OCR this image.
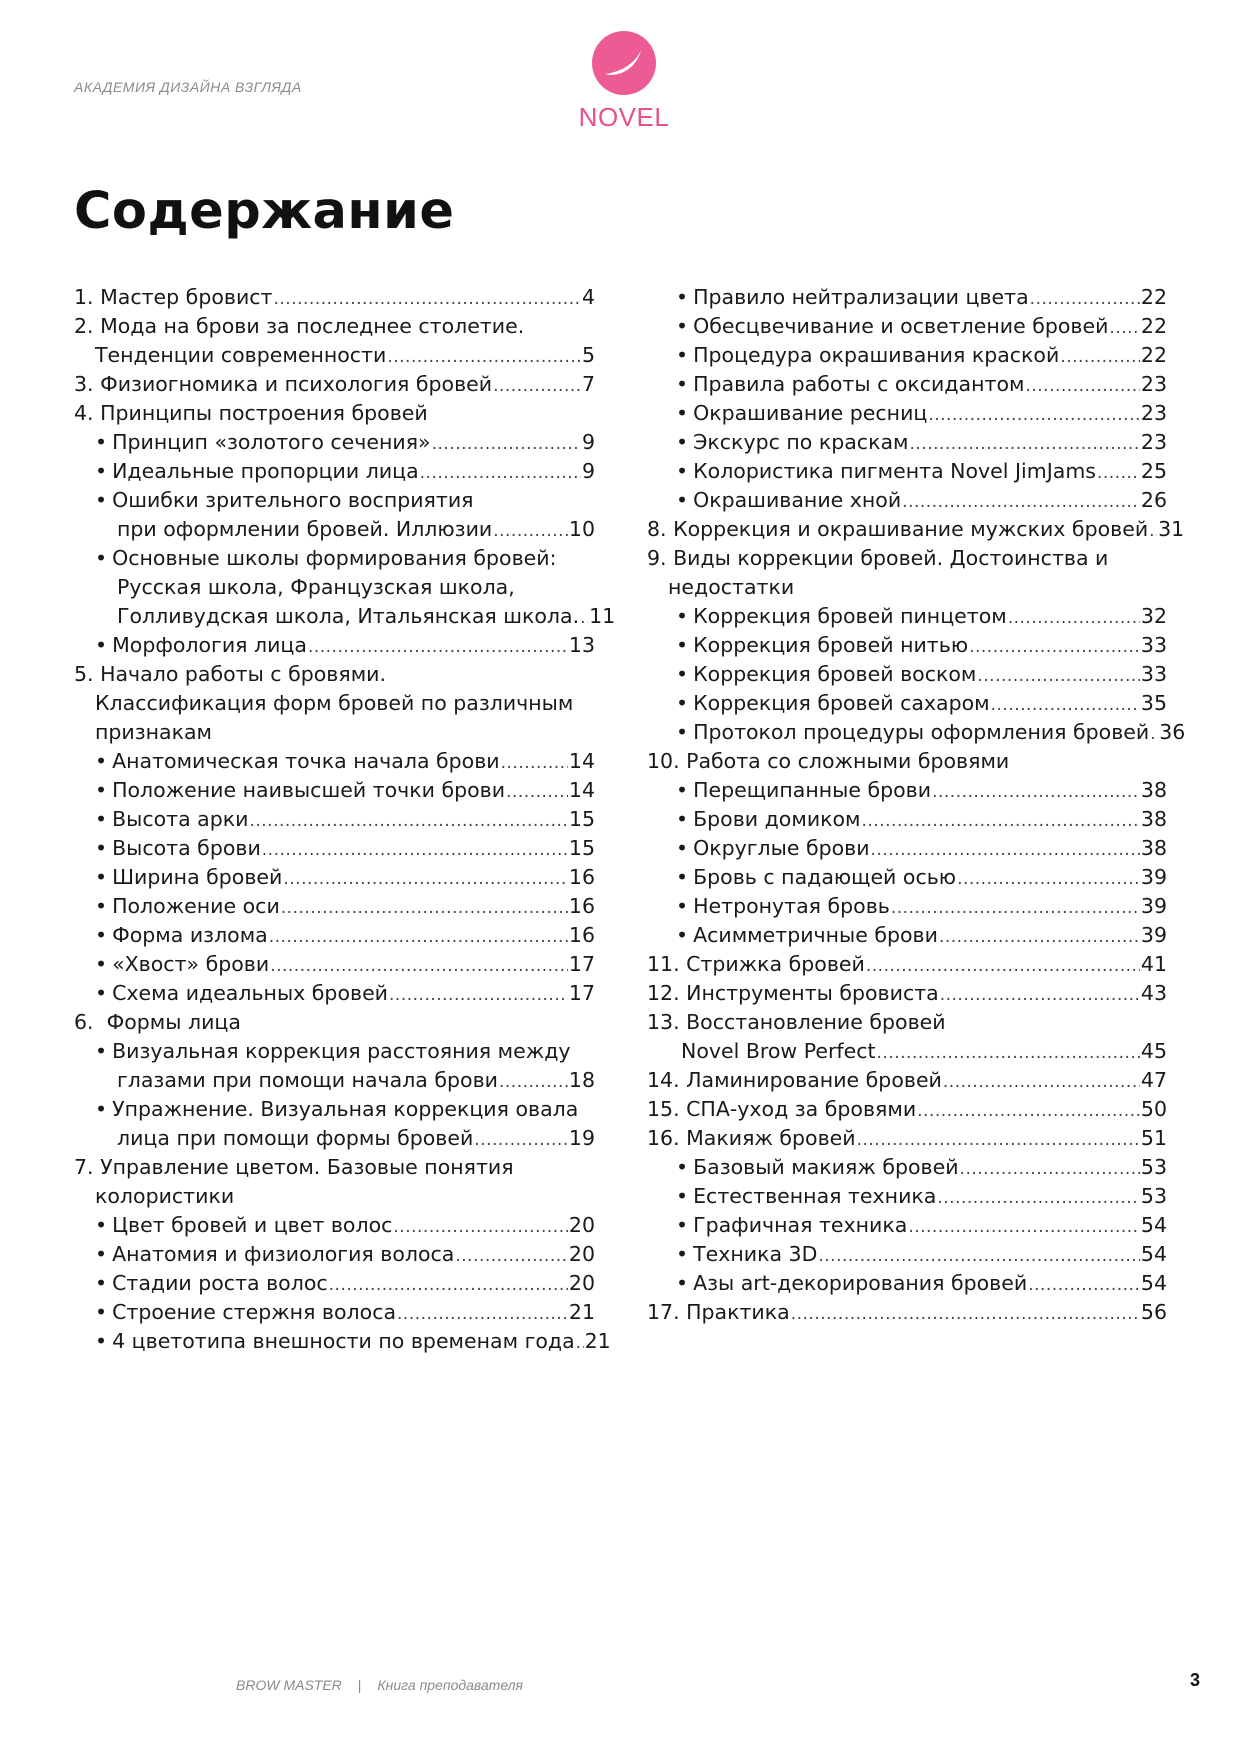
АКАДЕМИЯ ДИЗАЙНА ВЗГЛЯДА
NOVEL
Содержание
1. Мастер бровист .....	4
2. Мода на брови за последнее столетие.
Тенденции современности .....	5
3. Физиогномика и психология бровей .....	7
4. Принципы построения бровей
• Принцип «золотого сечения» .....	9
• Идеальные пропорции лица .....	9
• Ошибки зрительного восприятия
при оформлении бровей. Иллюзии .....	10
• Основные школы формирования бровей:
Русская школа, Французская школа,
Голливудская школа, Итальянская школа. ..... 11
• Морфология лица .....	13
5. Начало работы с бровями.
Классификация форм бровей по различным
признакам
• Анатомическая точка начала брови .....	14
• Положение наивысшей точки брови .....	14
• Высота арки .....	15
• Высота брови .....	15
• Ширина бровей .....	16
• Положение оси .....	16
• Форма излома .....	16
• «Хвост» брови .....	17
• Схема идеальных бровей .....	17
6.  Формы лица
• Визуальная коррекция расстояния между
глазами при помощи начала брови .....	18
• Упражнение. Визуальная коррекция овала
лица при помощи формы бровей .....	19
7. Управление цветом. Базовые понятия
колористики
• Цвет бровей и цвет волос .....	20
• Анатомия и физиология волоса .....	20
• Стадии роста волос .....	20
• Строение стержня волоса .....	21
• 4 цветотипа внешности по временам года ..... 21
• Правило нейтрализации цвета .....	22
• Обесцвечивание и осветление бровей ..... 22
• Процедура окрашивания краской .....	22
• Правила работы с оксидантом .....	23
• Окрашивание ресниц .....	23
• Экскурс по краскам .....	23
• Колористика пигмента Novel JimJams ..... 25
• Окрашивание хной .....	26
8. Коррекция и окрашивание мужских бровей ..... 31
9. Виды коррекции бровей. Достоинства и
недостатки
• Коррекция бровей пинцетом .....	32
• Коррекция бровей нитью .....	33
• Коррекция бровей воском .....	33
• Коррекция бровей сахаром .....	35
• Протокол процедуры оформления бровей ..... 36
10. Работа со сложными бровями
• Перещипанные брови .....	38
• Брови домиком .....	38
• Округлые брови .....	38
• Бровь с падающей осью .....	39
• Нетронутая бровь .....	39
• Асимметричные брови .....	39
11. Стрижка бровей .....	41
12. Инструменты бровиста .....	43
13. Восстановление бровей
Novel Brow Perfect .....	45
14. Ламинирование бровей .....	47
15. СПА-уход за бровями .....	50
16. Макияж бровей .....	51
• Базовый макияж бровей .....	53
• Естественная техника .....	53
• Графичная техника .....	54
• Техника 3D .....	54
• Азы art-декорирования бровей .....	54
17. Практика .....	56
BROW MASTER | Книга преподавателя	3
